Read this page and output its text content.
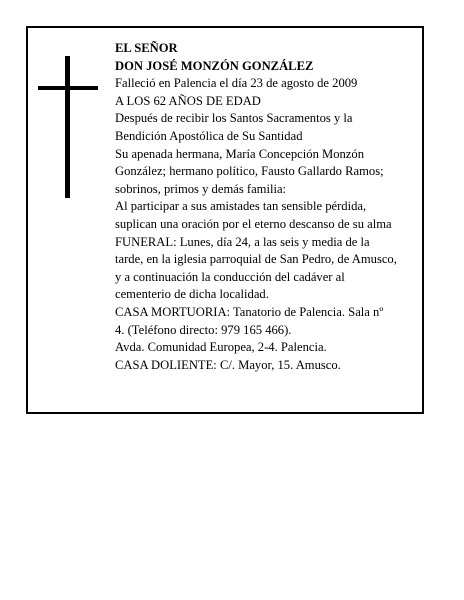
EL SEÑOR

DON JOSÉ MONZÓN GONZÁLEZ

Falleció en Palencia el día 23 de agosto de 2009

A LOS 62 AÑOS DE EDAD

Después de recibir los Santos Sacramentos y la
Bendición Apostólica de Su Santidad

Su apenada hermana, María Concepción Monzón
González; hermano político, Fausto Gallardo Ramos;
sobrinos, primos y demás familia:

Al participar a sus amistades tan sensible pérdida,
suplican una oración por el eterno descanso de su alma

FUNERAL: Lunes, día 24, a las seis y media de la
tarde, en la iglesia parroquial de San Pedro, de Amusco,
y a continuación la conducción del cadáver al
cementerio de dicha localidad.

CASA MORTUORIA: Tanatorio de Palencia. Sala nº
4. (Teléfono directo: 979 165 466).

Avda. Comunidad Europea, 2-4. Palencia.

CASA DOLIENTE: C/. Mayor, 15. Amusco.
